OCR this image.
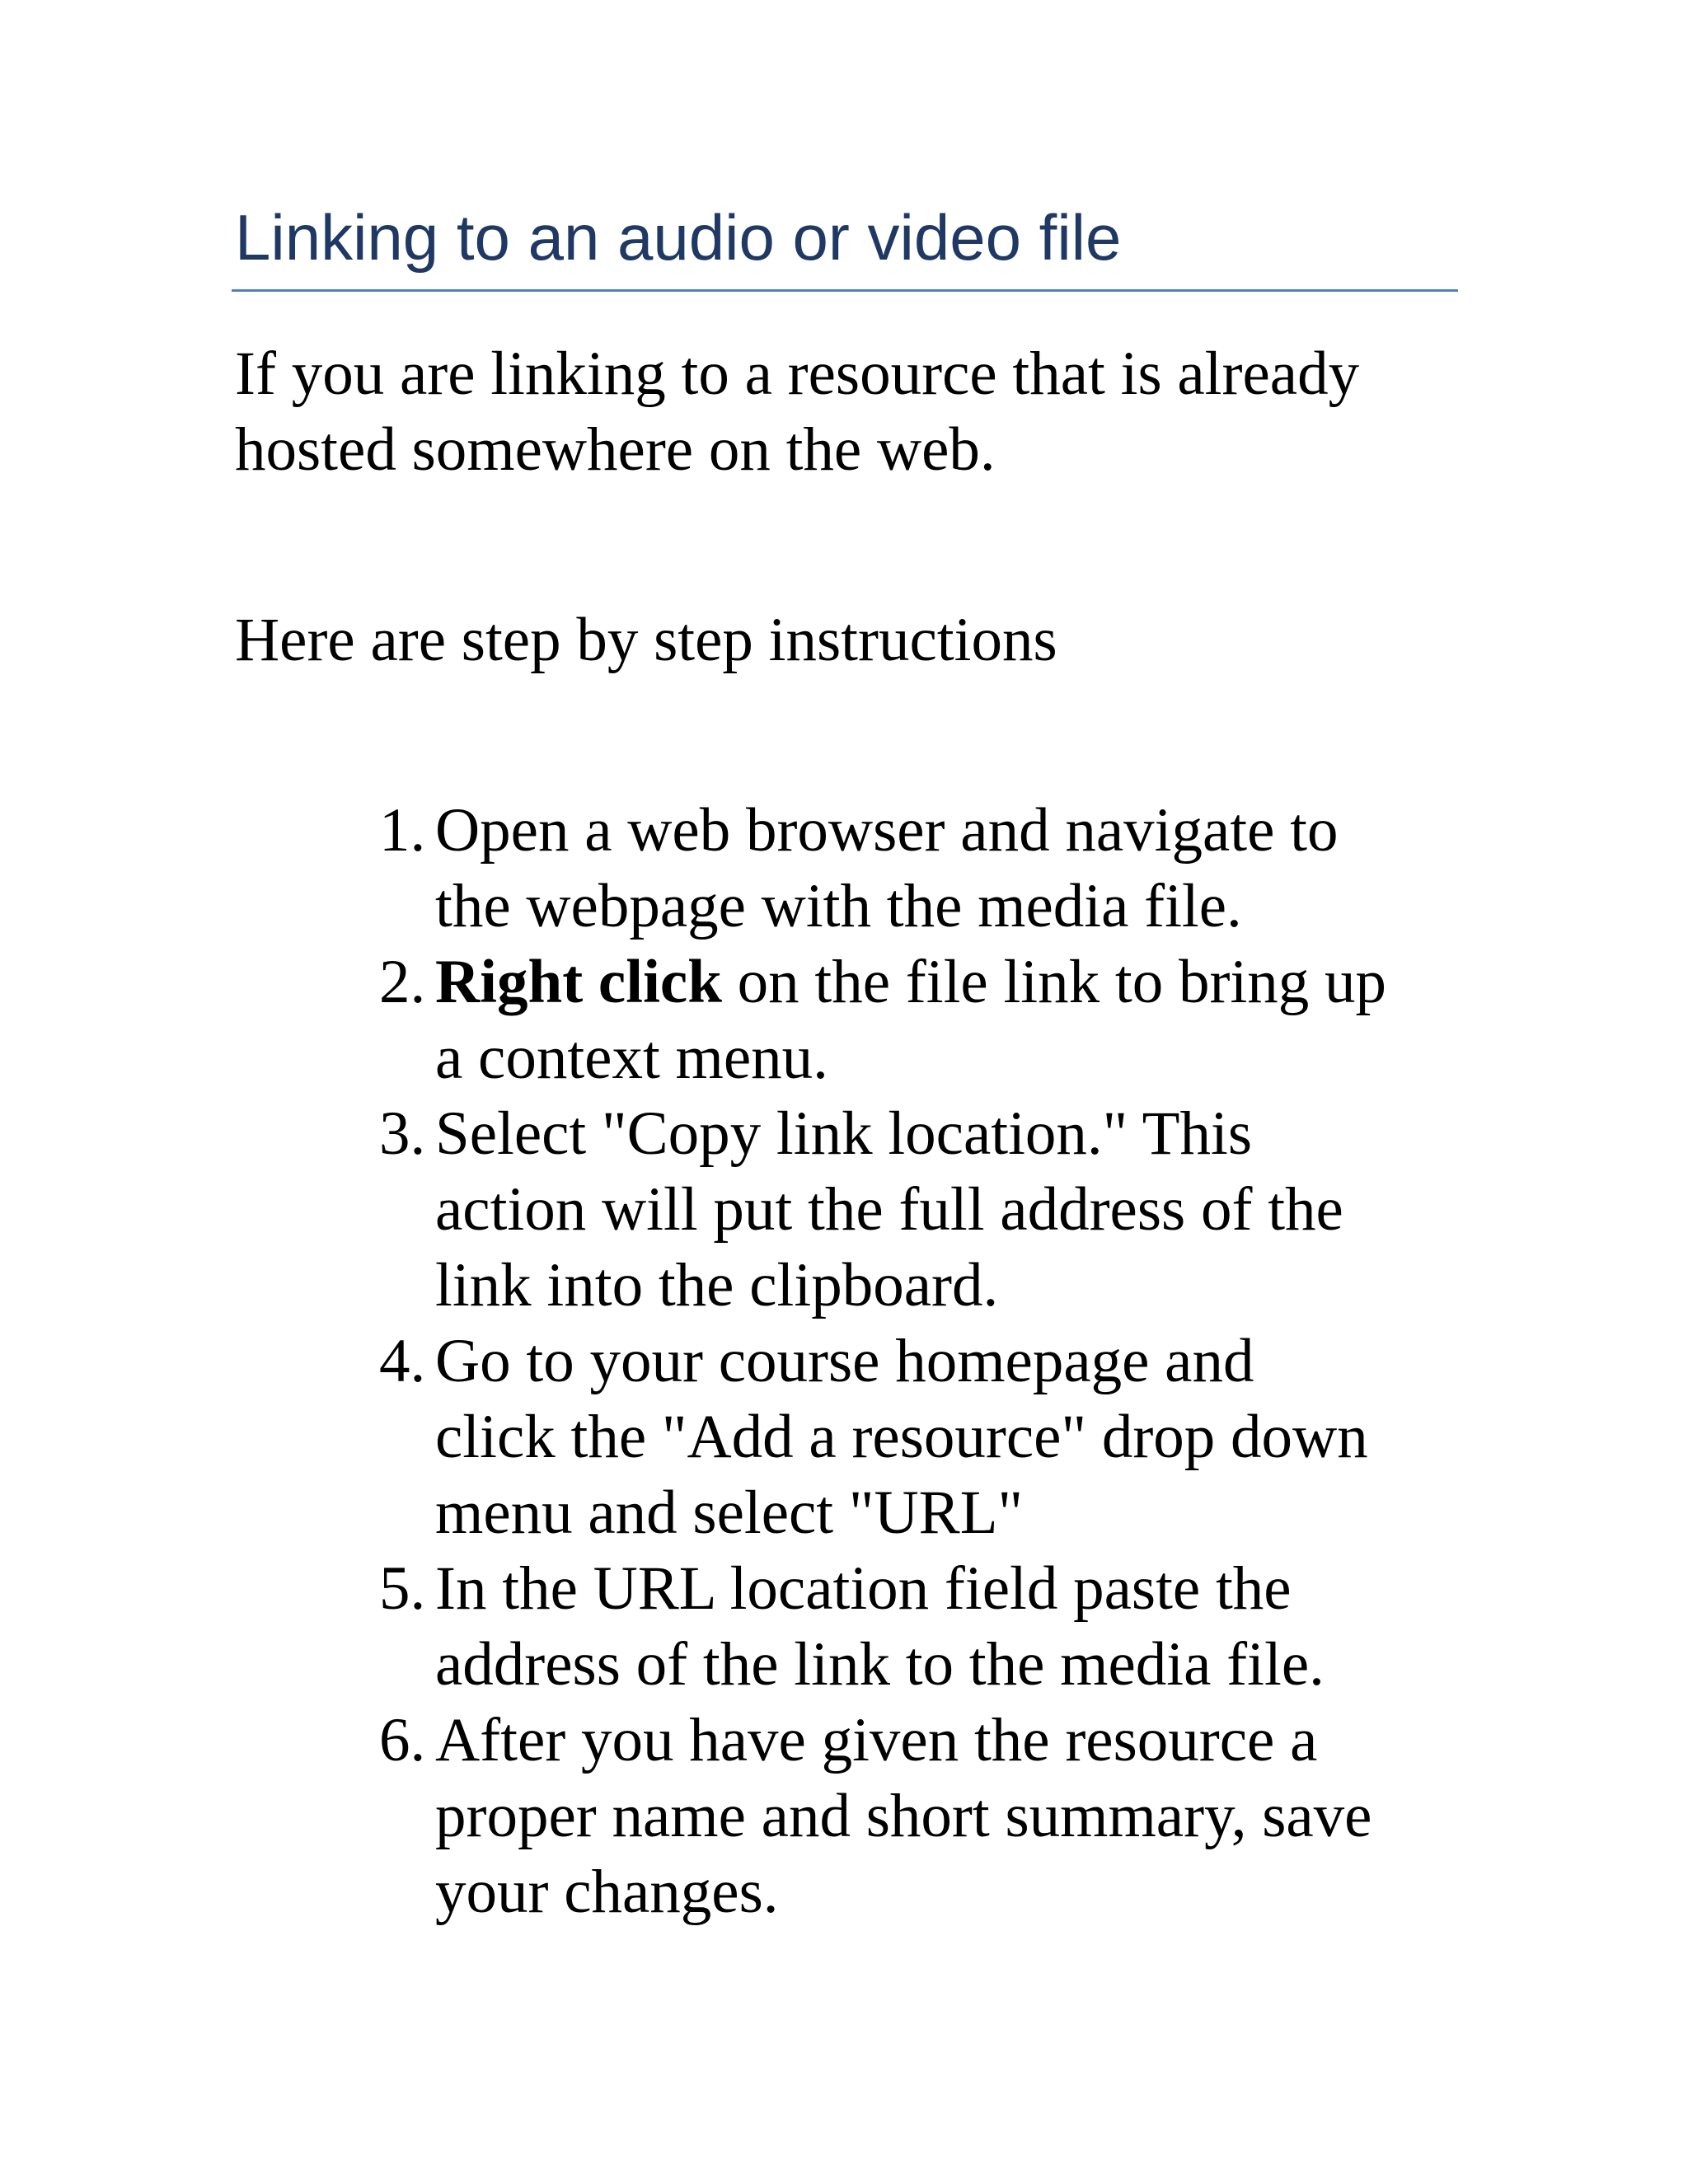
Linking to an audio or video file

If you are linking to a resource that is already
hosted somewhere on the web.

Here are step by step instructions

1. Open a web browser and navigate to
the webpage with the media file.
2. Right click on the file link to bring up
a context menu.
3. Select "Copy link location." This
action will put the full address of the
link into the clipboard.
4. Go to your course homepage and
click the "Add a resource" drop down
menu and select "URL"
5. In the URL location field paste the
address of the link to the media file.
6. After you have given the resource a
proper name and short summary, save
your changes.
